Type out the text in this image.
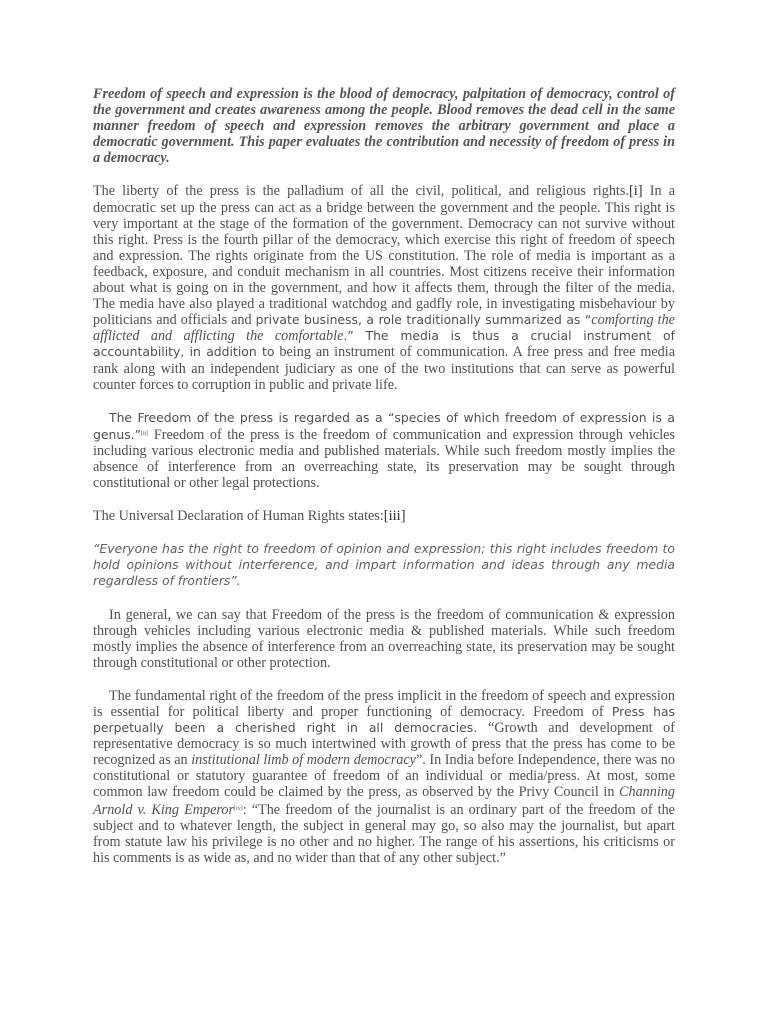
Freedom of speech and expression is the blood of democracy, palpitation of democracy, control of the government and creates awareness among the people. Blood removes the dead cell in the same manner freedom of speech and expression removes the arbitrary government and place a democratic government. This paper evaluates the contribution and necessity of freedom of press in a democracy.

The liberty of the press is the palladium of all the civil, political, and religious rights.[i] In a democratic set up the press can act as a bridge between the government and the people. This right is very important at the stage of the formation of the government. Democracy can not survive without this right. Press is the fourth pillar of the democracy, which exercise this right of freedom of speech and expression. The rights originate from the US constitution. The role of media is important as a feedback, exposure, and conduit mechanism in all countries. Most citizens receive their information about what is going on in the government, and how it affects them, through the filter of the media. The media have also played a traditional watchdog and gadfly role, in investigating misbehaviour by politicians and officials and private business, a role traditionally summarized as “comforting the afflicted and afflicting the comfortable.” The media is thus a crucial instrument of accountability, in addition to being an instrument of communication. A free press and free media rank along with an independent judiciary as one of the two institutions that can serve as powerful counter forces to corruption in public and private life.

The Freedom of the press is regarded as a “species of which freedom of expression is a genus.”[ii] Freedom of the press is the freedom of communication and expression through vehicles including various electronic media and published materials. While such freedom mostly implies the absence of interference from an overreaching state, its preservation may be sought through constitutional or other legal protections.

The Universal Declaration of Human Rights states:[iii]

“Everyone has the right to freedom of opinion and expression; this right includes freedom to hold opinions without interference, and impart information and ideas through any media regardless of frontiers”.

In general, we can say that Freedom of the press is the freedom of communication & expression through vehicles including various electronic media & published materials. While such freedom mostly implies the absence of interference from an overreaching state, its preservation may be sought through constitutional or other protection.

The fundamental right of the freedom of the press implicit in the freedom of speech and expression is essential for political liberty and proper functioning of democracy. Freedom of Press has perpetually been a cherished right in all democracies. “Growth and development of representative democracy is so much intertwined with growth of press that the press has come to be recognized as an institutional limb of modern democracy”. In India before Independence, there was no constitutional or statutory guarantee of freedom of an individual or media/press. At most, some common law freedom could be claimed by the press, as observed by the Privy Council in Channing Arnold v. King Emperor[iv]: “The freedom of the journalist is an ordinary part of the freedom of the subject and to whatever length, the subject in general may go, so also may the journalist, but apart from statute law his privilege is no other and no higher. The range of his assertions, his criticisms or his comments is as wide as, and no wider than that of any other subject.”
